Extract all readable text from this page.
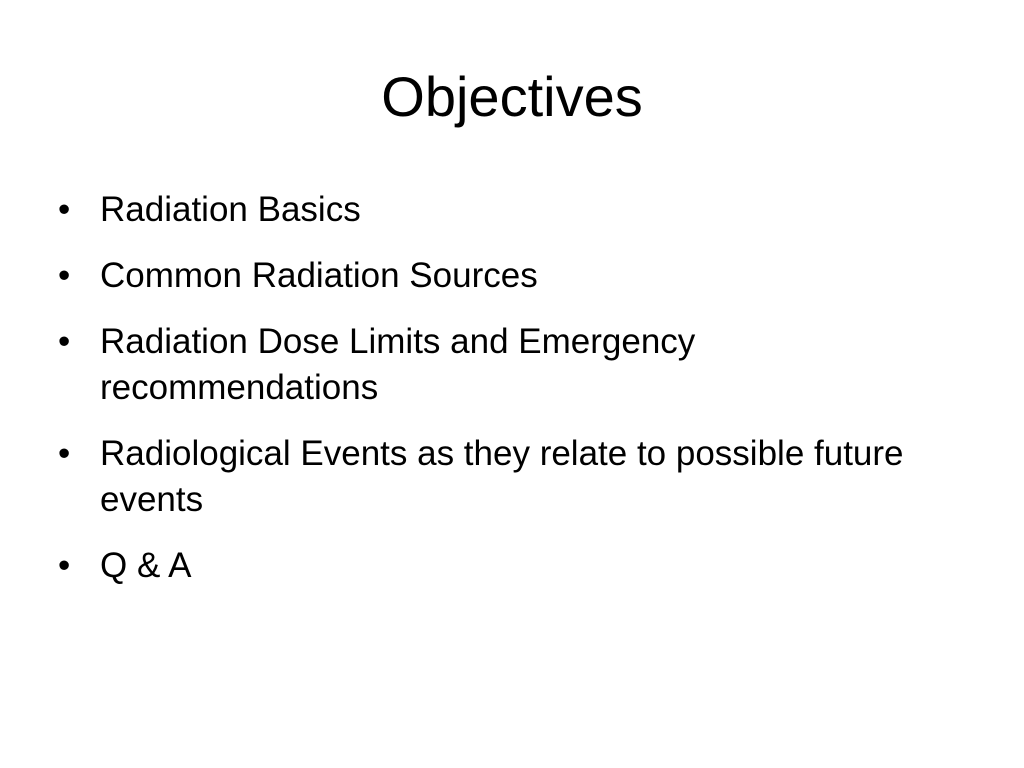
Objectives
• Radiation Basics
• Common Radiation Sources
• Radiation Dose Limits and Emergency recommendations
• Radiological Events as they relate to possible future events
• Q & A
